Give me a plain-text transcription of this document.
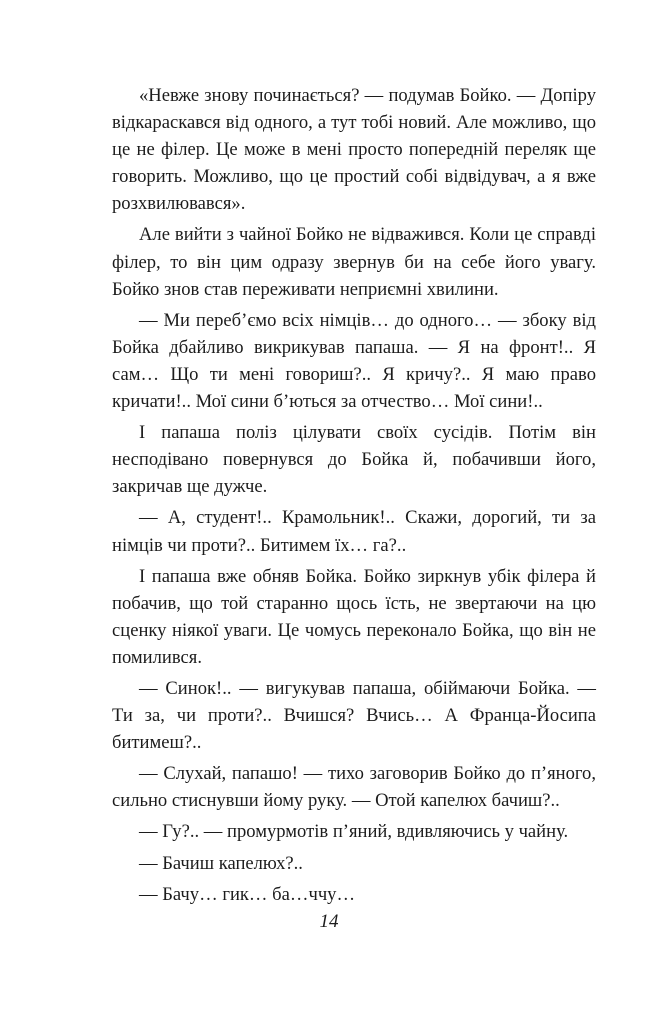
«Невже знову починається? — подумав Бойко. — Допіру відкараскався від одного, а тут тобі новий. Але можливо, що це не філер. Це може в мені просто попередній переляк ще говорить. Можливо, що це простий собі відвідувач, а я вже розхвилювався».

Але вийти з чайної Бойко не відважився. Коли це справді філер, то він цим одразу звернув би на себе його увагу. Бойко знов став переживати неприємні хвилини.

— Ми переб’ємо всіх німців… до одного… — збоку від Бойка дбайливо викрикував папаша. — Я на фронт!.. Я сам… Що ти мені говориш?.. Я кричу?.. Я маю право кричати!.. Мої сини б’ються за отчество… Мої сини!..

І папаша поліз цілувати своїх сусідів. Потім він несподівано повернувся до Бойка й, побачивши його, закричав ще дужче.

— А, студент!.. Крамольник!.. Скажи, дорогий, ти за німців чи проти?.. Битимем їх… га?..

І папаша вже обняв Бойка. Бойко зиркнув убік філера й побачив, що той старанно щось їсть, не звертаючи на цю сценку ніякої уваги. Це чомусь переконало Бойка, що він не помилився.

— Синок!.. — вигукував папаша, обіймаючи Бойка. — Ти за, чи проти?.. Вчишся? Вчись… А Франца-Йосипа битимеш?..

— Слухай, папашо! — тихо заговорив Бойко до п’яного, сильно стиснувши йому руку. — Отой капелюх бачиш?..

— Гу?.. — промурмотів п’яний, вдивляючись у чайну.

— Бачиш капелюх?..

— Бачу… гик… ба…ччу…

14
